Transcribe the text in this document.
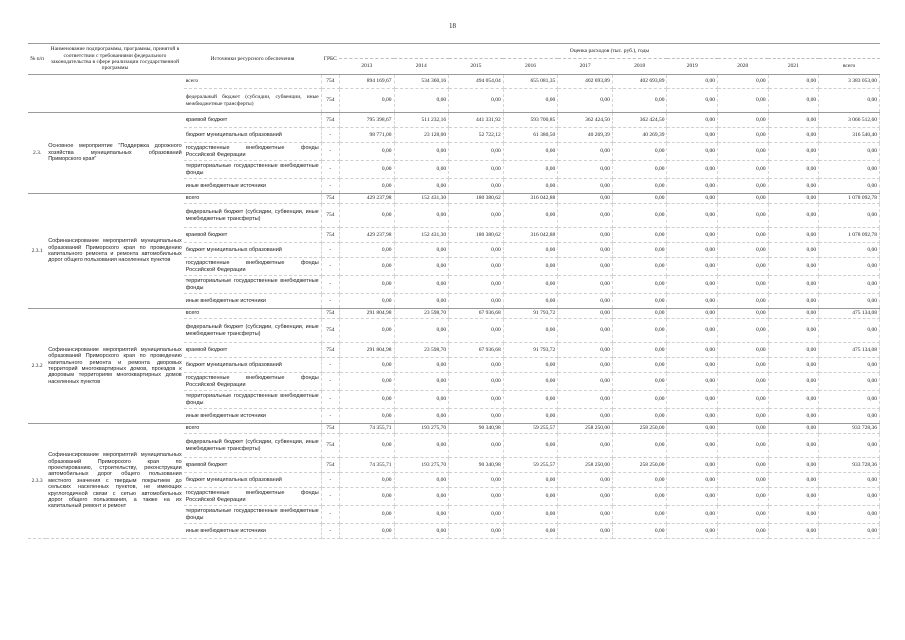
18
№ п/п	Наименование подпрограммы, программы, принятой в соответствии с требованиями федерального законодательства в сфере реализации государственной программы	Источники ресурсного обеспечения	ГРБС	Оценка расходов (тыс. руб.), годы									
				2013	2014	2015	2016	2017	2018	2019	2020	2021	всего
		всего	754	894 169,67	534 360,16	494 054,04	655 081,35	402 693,89	402 693,89	0,00	0,00	0,00	3 383 053,00
		федеральный бюджет (субсидии, субвенции, иные межбюджетные трансферты)	754	0,00	0,00	0,00	0,00	0,00	0,00	0,00	0,00	0,00	0,00
2.3.	Основное мероприятие "Поддержка дорожного хозяйства муниципальных образований Приморского края"	краевой бюджет	754	795 398,67	511 232,16	441 331,92	593 700,85	362 424,50	362 424,50	0,00	0,00	0,00	3 066 512,60
		бюджет муниципальных образований	-	98 771,00	23 128,00	52 722,12	61 380,50	40 269,39	40 269,39	0,00	0,00	0,00	316 540,40
		государственные внебюджетные фонды Российской Федерации	-	0,00	0,00	0,00	0,00	0,00	0,00	0,00	0,00	0,00	0,00
		территориальные государственные внебюджетные фонды	-	0,00	0,00	0,00	0,00	0,00	0,00	0,00	0,00	0,00	0,00
		иные внебюджетные источники	-	0,00	0,00	0,00	0,00	0,00	0,00	0,00	0,00	0,00	0,00
2.3.1	Софинансирование мероприятий муниципальных образований Приморского края по проведению капитального ремонта и ремонта автомобильных дорог общего пользования населенных пунктов	всего	754	429 237,98	152 431,30	180 380,62	316 042,88	0,00	0,00	0,00	0,00	0,00	1 078 092,78
		федеральный бюджет (субсидии, субвенции, иные межбюджетные трансферты)	754	0,00	0,00	0,00	0,00	0,00	0,00	0,00	0,00	0,00	0,00
		краевой бюджет	754	429 237,98	152 431,30	180 380,62	316 042,88	0,00	0,00	0,00	0,00	0,00	1 078 092,78
		бюджет муниципальных образований	-	0,00	0,00	0,00	0,00	0,00	0,00	0,00	0,00	0,00	0,00
		государственные внебюджетные фонды Российской Федерации	-	0,00	0,00	0,00	0,00	0,00	0,00	0,00	0,00	0,00	0,00
		территориальные государственные внебюджетные фонды	-	0,00	0,00	0,00	0,00	0,00	0,00	0,00	0,00	0,00	0,00
		иные внебюджетные источники	-	0,00	0,00	0,00	0,00	0,00	0,00	0,00	0,00	0,00	0,00
2.3.2	Софинансирование мероприятий муниципальных образований Приморского края по проведению капитального ремонта и ремонта дворовых территорий многоквартирных домов, проездов к дворовым территориям многоквартирных домов населенных пунктов	всего	754	291 804,98	23 598,70	67 936,68	91 793,72	0,00	0,00	0,00	0,00	0,00	475 134,08
		федеральный бюджет (субсидии, субвенции, иные межбюджетные трансферты)	754	0,00	0,00	0,00	0,00	0,00	0,00	0,00	0,00	0,00	0,00
		краевой бюджет	754	291 804,98	23 598,70	67 936,68	91 793,72	0,00	0,00	0,00	0,00	0,00	475 134,08
		бюджет муниципальных образований	-	0,00	0,00	0,00	0,00	0,00	0,00	0,00	0,00	0,00	0,00
		государственные внебюджетные фонды Российской Федерации	-	0,00	0,00	0,00	0,00	0,00	0,00	0,00	0,00	0,00	0,00
		территориальные государственные внебюджетные фонды	-	0,00	0,00	0,00	0,00	0,00	0,00	0,00	0,00	0,00	0,00
		иные внебюджетные источники	-	0,00	0,00	0,00	0,00	0,00	0,00	0,00	0,00	0,00	0,00
2.3.3	Софинансирование мероприятий муниципальных образований Приморского края по проектированию, строительству, реконструкции автомобильных дорог общего пользования местного значения с твердым покрытием до сельских населенных пунктов, не имеющих круглогодичной связи с сетью автомобильных дорог общего пользования, а также на их капитальный ремонт и ремонт	всего	754	74 355,71	193 275,70	90 340,98	59 255,57	258 250,00	258 250,00	0,00	0,00	0,00	933 728,36
		федеральный бюджет (субсидии, субвенции, иные межбюджетные трансферты)	754	0,00	0,00	0,00	0,00	0,00	0,00	0,00	0,00	0,00	0,00
		краевой бюджет	754	74 355,71	193 275,70	90 340,98	59 255,57	258 250,00	258 250,00	0,00	0,00	0,00	933 728,36
		бюджет муниципальных образований	-	0,00	0,00	0,00	0,00	0,00	0,00	0,00	0,00	0,00	0,00
		государственные внебюджетные фонды Российской Федерации	-	0,00	0,00	0,00	0,00	0,00	0,00	0,00	0,00	0,00	0,00
		территориальные государственные внебюджетные фонды	-	0,00	0,00	0,00	0,00	0,00	0,00	0,00	0,00	0,00	0,00
		иные внебюджетные источники	-	0,00	0,00	0,00	0,00	0,00	0,00	0,00	0,00	0,00	0,00
